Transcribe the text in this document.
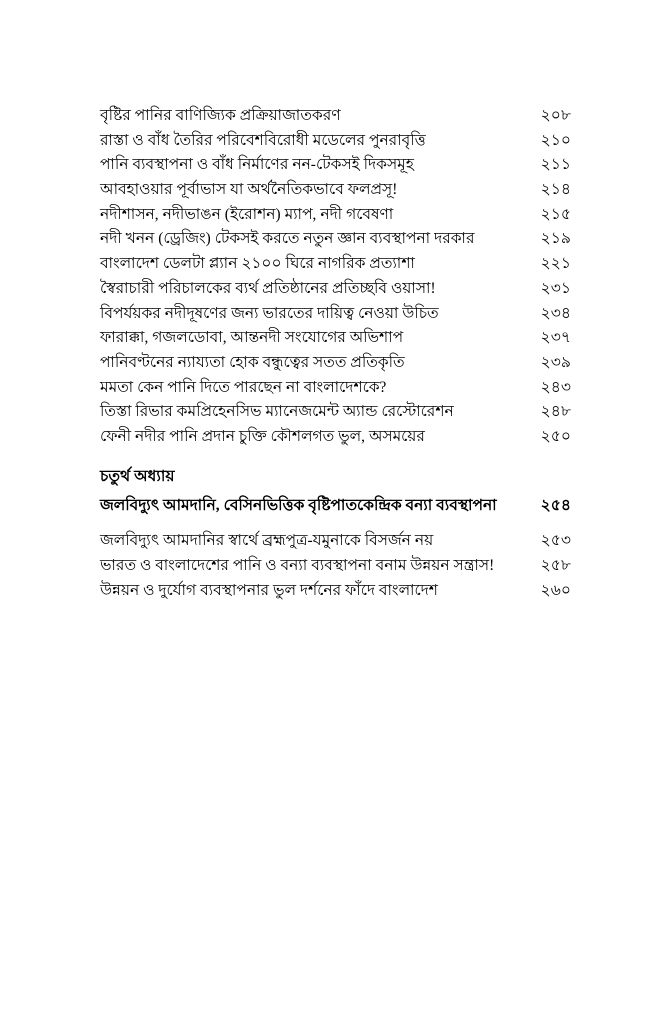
বৃষ্টির পানির বাণিজ্যিক প্রক্রিয়াজাতকরণ	২০৮
রাস্তা ও বাঁধ তৈরির পরিবেশবিরোধী মডেলের পুনরাবৃত্তি	২১০
পানি ব্যবস্থাপনা ও বাঁধ নির্মাণের নন-টেকসই দিকসমূহ	২১১
আবহাওয়ার পূর্বাভাস যা অর্থনৈতিকভাবে ফলপ্রসূ!	২১৪
নদীশাসন, নদীভাঙন (ইরোশন) ম্যাপ, নদী গবেষণা	২১৫
নদী খনন (ড্রেজিং) টেকসই করতে নতুন জ্ঞান ব্যবস্থাপনা দরকার	২১৯
বাংলাদেশ ডেলটা প্ল্যান ২১০০ ঘিরে নাগরিক প্রত্যাশা	২২১
স্বৈরাচারী পরিচালকের ব্যর্থ প্রতিষ্ঠানের প্রতিচ্ছবি ওয়াসা!	২৩১
বিপর্যয়কর নদীদূষণের জন্য ভারতের দায়িত্ব নেওয়া উচিত	২৩৪
ফারাক্কা, গজলডোবা, আন্তনদী সংযোগের অভিশাপ	২৩৭
পানিবণ্টনের ন্যায্যতা হোক বন্ধুত্বের সতত প্রতিকৃতি	২৩৯
মমতা কেন পানি দিতে পারছেন না বাংলাদেশকে?	২৪৩
তিস্তা রিভার কমপ্রিহেনসিভ ম্যানেজমেন্ট অ্যান্ড রেস্টোরেশন	২৪৮
ফেনী নদীর পানি প্রদান চুক্তি কৌশলগত ভুল, অসময়ের	২৫০
চতুর্থ অধ্যায়
জলবিদ্যুৎ আমদানি, বেসিনভিত্তিক বৃষ্টিপাতকেন্দ্রিক বন্যা ব্যবস্থাপনা	২৫৪
জলবিদ্যুৎ আমদানির স্বার্থে ব্রহ্মপুত্র-যমুনাকে বিসর্জন নয়	২৫৩
ভারত ও বাংলাদেশের পানি ও বন্যা ব্যবস্থাপনা বনাম উন্নয়ন সন্ত্রাস!	২৫৮
উন্নয়ন ও দুর্যোগ ব্যবস্থাপনার ভুল দর্শনের ফাঁদে বাংলাদেশ	২৬০
